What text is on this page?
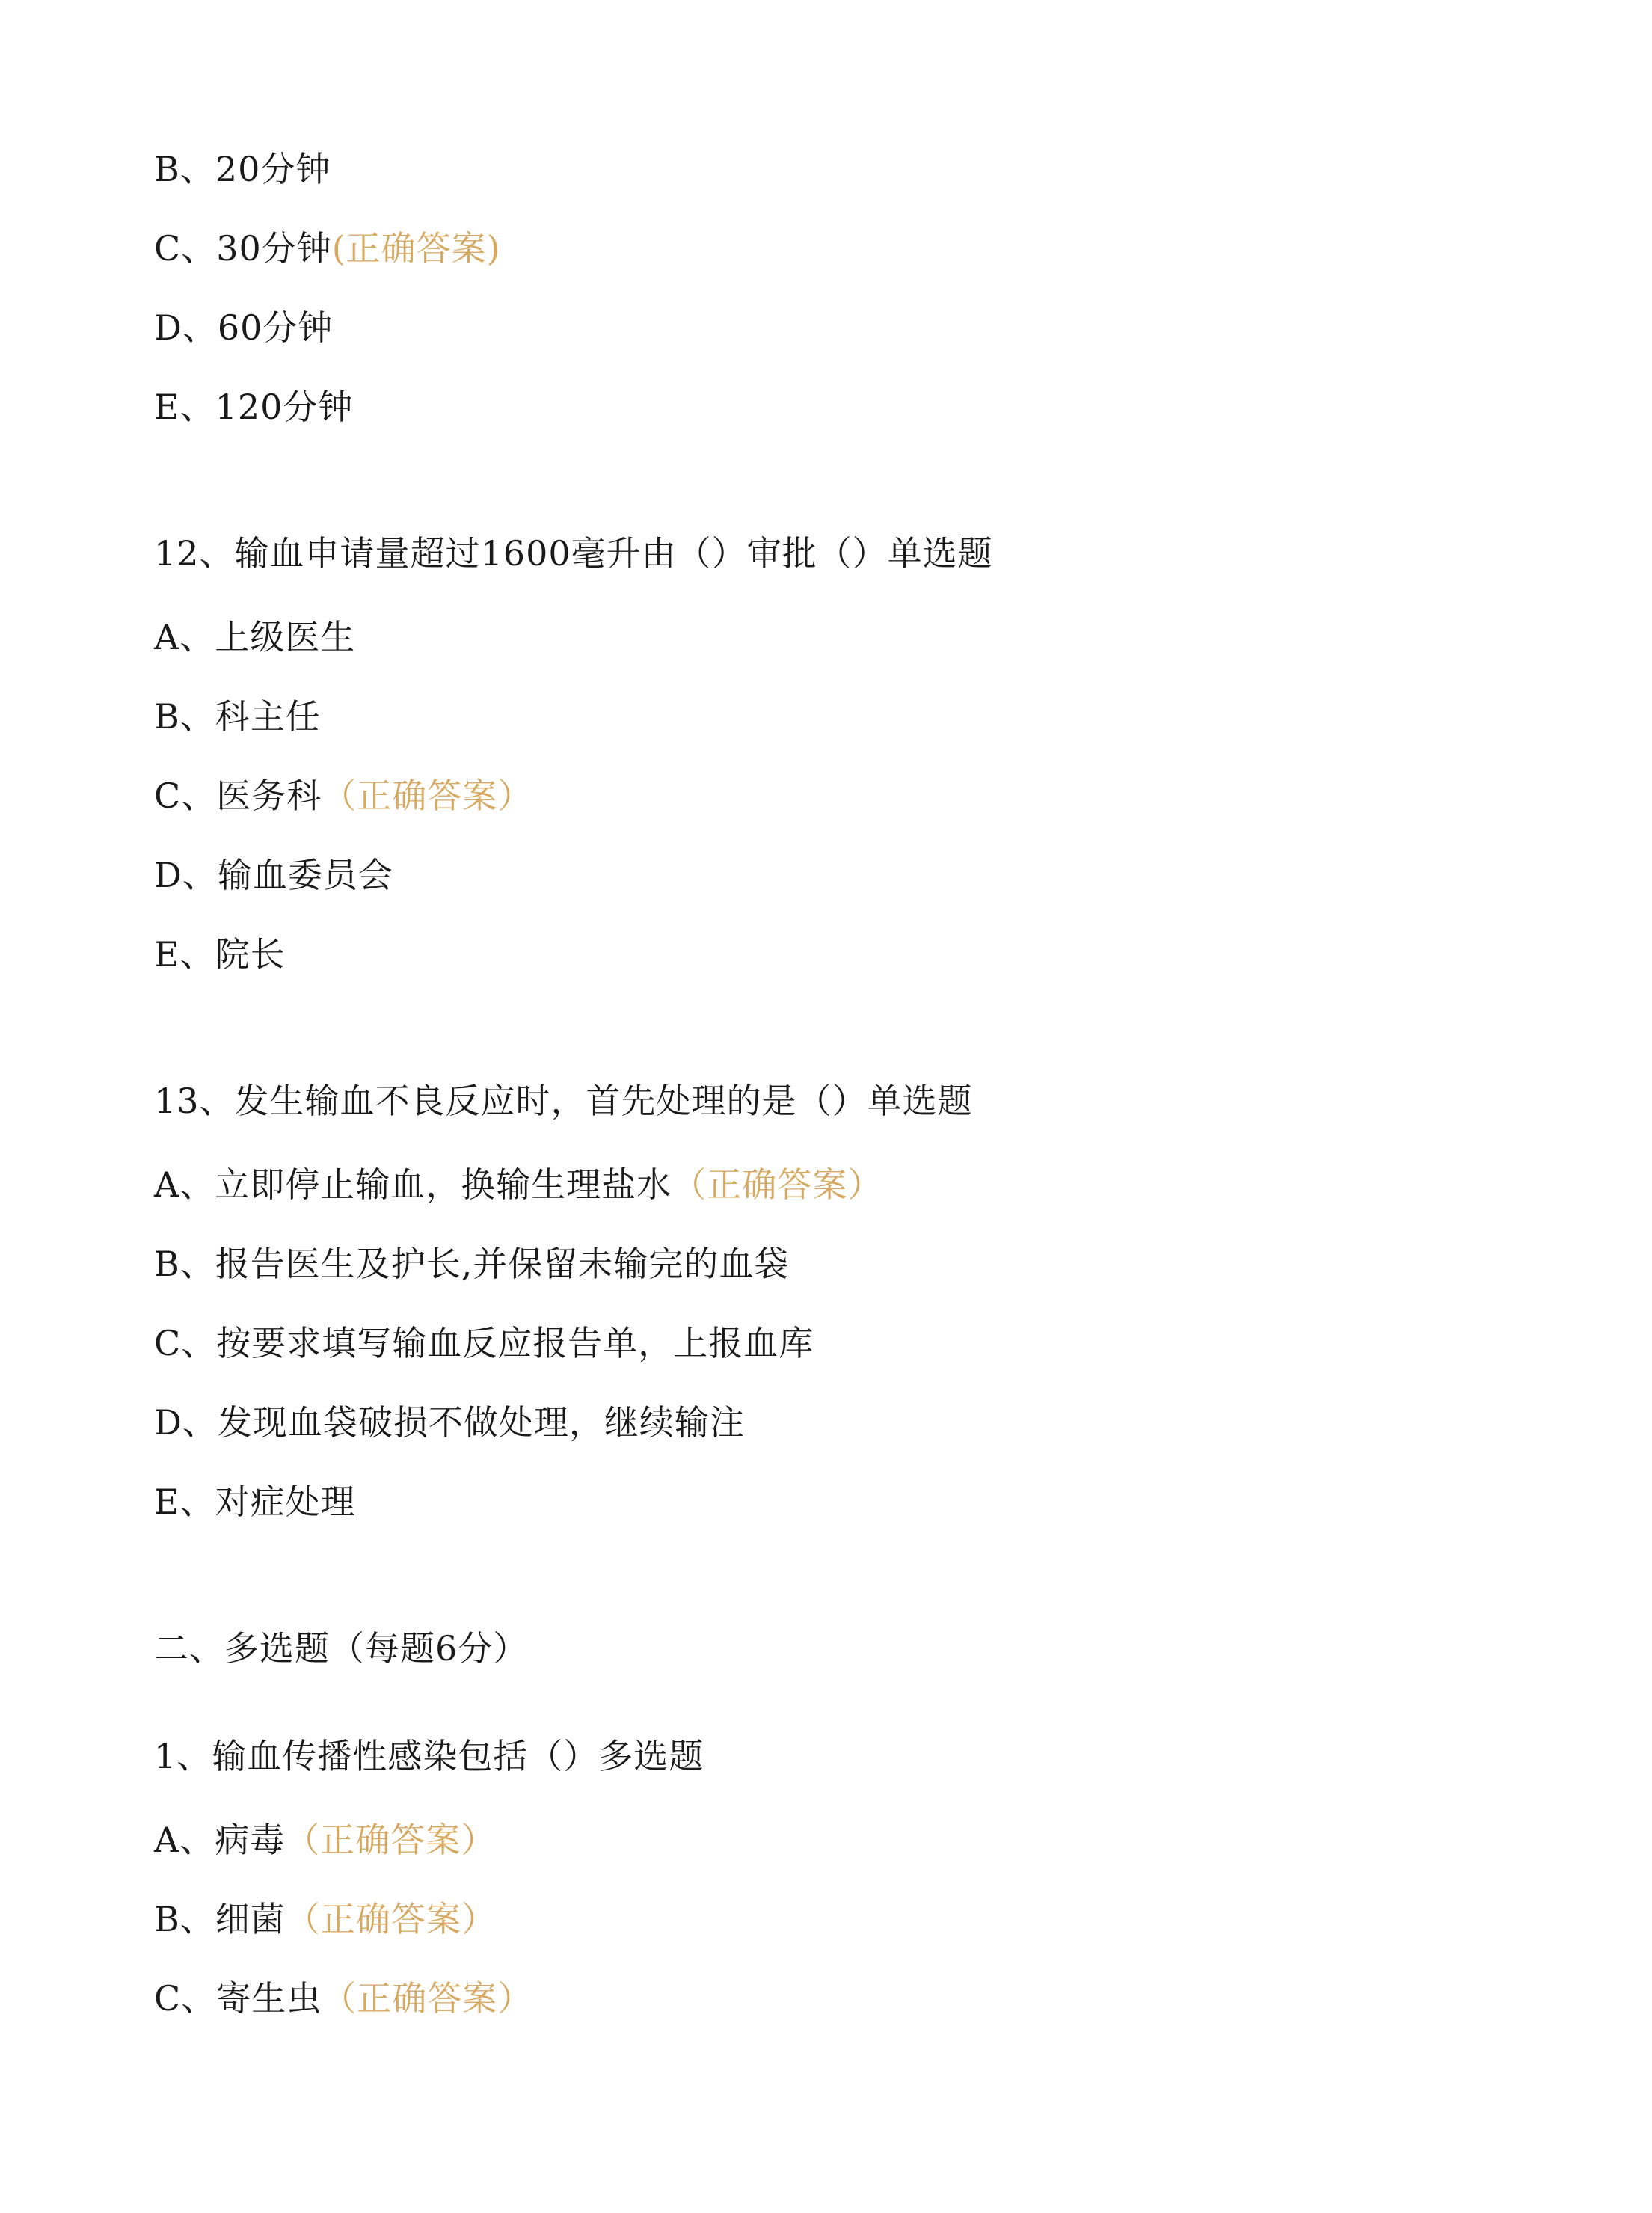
B、20分钟
C、30分钟(正确答案)
D、60分钟
E、120分钟
12、输血申请量超过1600毫升由（）审批（）单选题
A、上级医生
B、科主任
C、医务科（正确答案）
D、输血委员会
E、院长
13、发生输血不良反应时，首先处理的是（）单选题
A、立即停止输血，换输生理盐水（正确答案）
B、报告医生及护长,并保留未输完的血袋
C、按要求填写输血反应报告单，上报血库
D、发现血袋破损不做处理，继续输注
E、对症处理
二、多选题（每题6分）
1、输血传播性感染包括（）多选题
A、病毒（正确答案）
B、细菌（正确答案）
C、寄生虫（正确答案）
